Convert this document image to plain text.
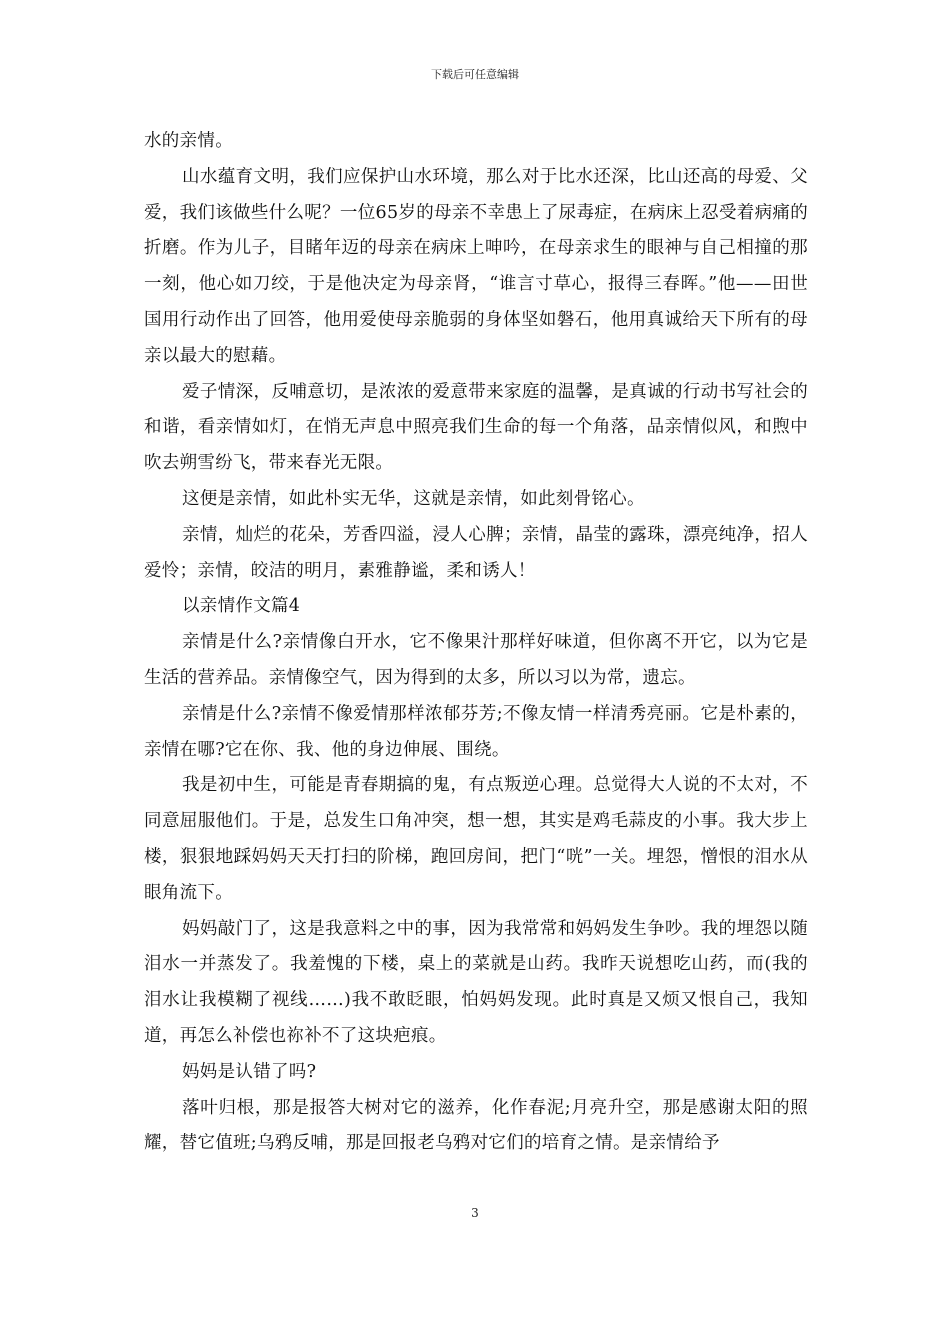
下载后可任意编辑

水的亲情。

山水蕴育文明，我们应保护山水环境，那么对于比水还深，比山还高的母爱、父爱，我们该做些什么呢？一位65岁的母亲不幸患上了尿毒症，在病床上忍受着病痛的折磨。作为儿子，目睹年迈的母亲在病床上呻吟，在母亲求生的眼神与自己相撞的那一刻，他心如刀绞，于是他决定为母亲肾，“谁言寸草心，报得三春晖。”他——田世国用行动作出了回答，他用爱使母亲脆弱的身体坚如磐石，他用真诚给天下所有的母亲以最大的慰藉。

爱子情深，反哺意切，是浓浓的爱意带来家庭的温馨，是真诚的行动书写社会的和谐，看亲情如灯，在悄无声息中照亮我们生命的每一个角落，品亲情似风，和煦中吹去朔雪纷飞，带来春光无限。

这便是亲情，如此朴实无华，这就是亲情，如此刻骨铭心。

亲情，灿烂的花朵，芳香四溢，浸人心脾；亲情，晶莹的露珠，漂亮纯净，招人爱怜；亲情，皎洁的明月，素雅静谧，柔和诱人！

以亲情作文篇4

亲情是什么?亲情像白开水，它不像果汁那样好味道，但你离不开它，以为它是生活的营养品。亲情像空气，因为得到的太多，所以习以为常，遗忘。

亲情是什么?亲情不像爱情那样浓郁芬芳;不像友情一样清秀亮丽。它是朴素的，亲情在哪?它在你、我、他的身边伸展、围绕。

我是初中生，可能是青春期搞的鬼，有点叛逆心理。总觉得大人说的不太对，不同意屈服他们。于是，总发生口角冲突，想一想，其实是鸡毛蒜皮的小事。我大步上楼，狠狠地踩妈妈天天打扫的阶梯，跑回房间，把门“咣”一关。埋怨，憎恨的泪水从眼角流下。

妈妈敲门了，这是我意料之中的事，因为我常常和妈妈发生争吵。我的埋怨以随泪水一并蒸发了。我羞愧的下楼，桌上的菜就是山药。我昨天说想吃山药，而(我的泪水让我模糊了视线……)我不敢眨眼，怕妈妈发现。此时真是又烦又恨自己，我知道，再怎么补偿也祢补不了这块疤痕。

妈妈是认错了吗?

落叶归根，那是报答大树对它的滋养，化作春泥;月亮升空，那是感谢太阳的照耀，替它值班;乌鸦反哺，那是回报老乌鸦对它们的培育之情。是亲情给予

3
